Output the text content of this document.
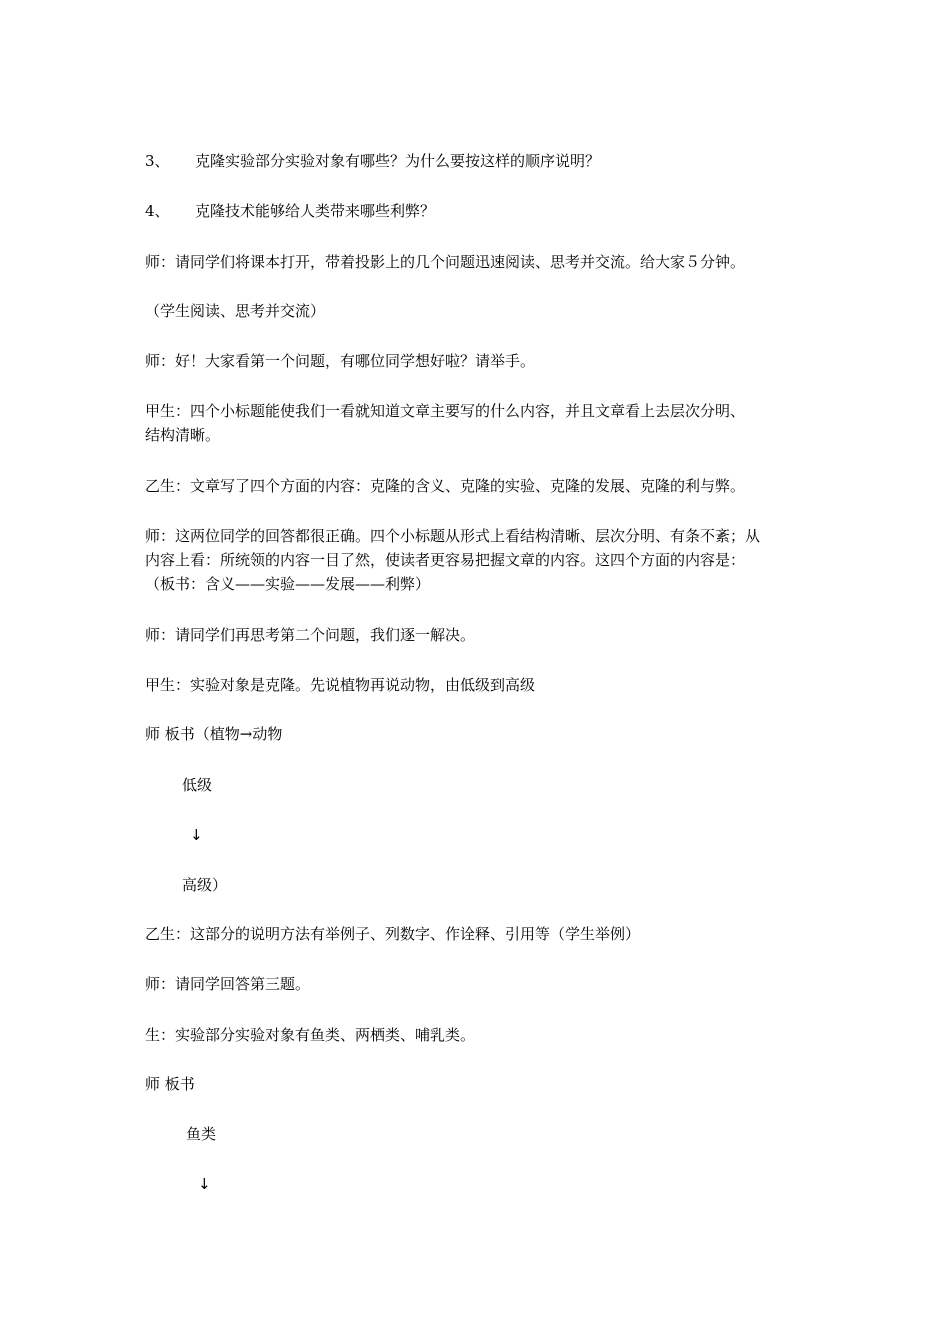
3、 克隆实验部分实验对象有哪些？为什么要按这样的顺序说明？
4、 克隆技术能够给人类带来哪些利弊？
师：请同学们将课本打开，带着投影上的几个问题迅速阅读、思考并交流。给大家５分钟。
（学生阅读、思考并交流）
师：好！大家看第一个问题，有哪位同学想好啦？请举手。
甲生：四个小标题能使我们一看就知道文章主要写的什么内容，并且文章看上去层次分明、
结构清晰。
乙生：文章写了四个方面的内容：克隆的含义、克隆的实验、克隆的发展、克隆的利与弊。
师：这两位同学的回答都很正确。四个小标题从形式上看结构清晰、层次分明、有条不紊；从
内容上看：所统领的内容一目了然，使读者更容易把握文章的内容。这四个方面的内容是：
（板书：含义——实验——发展——利弊）
师：请同学们再思考第二个问题，我们逐一解决。
甲生：实验对象是克隆。先说植物再说动物，由低级到高级
师 板书（植物→动物
低级
↓
高级）
乙生：这部分的说明方法有举例子、列数字、作诠释、引用等（学生举例）
师：请同学回答第三题。
生：实验部分实验对象有鱼类、两栖类、哺乳类。
师 板书
鱼类
↓
